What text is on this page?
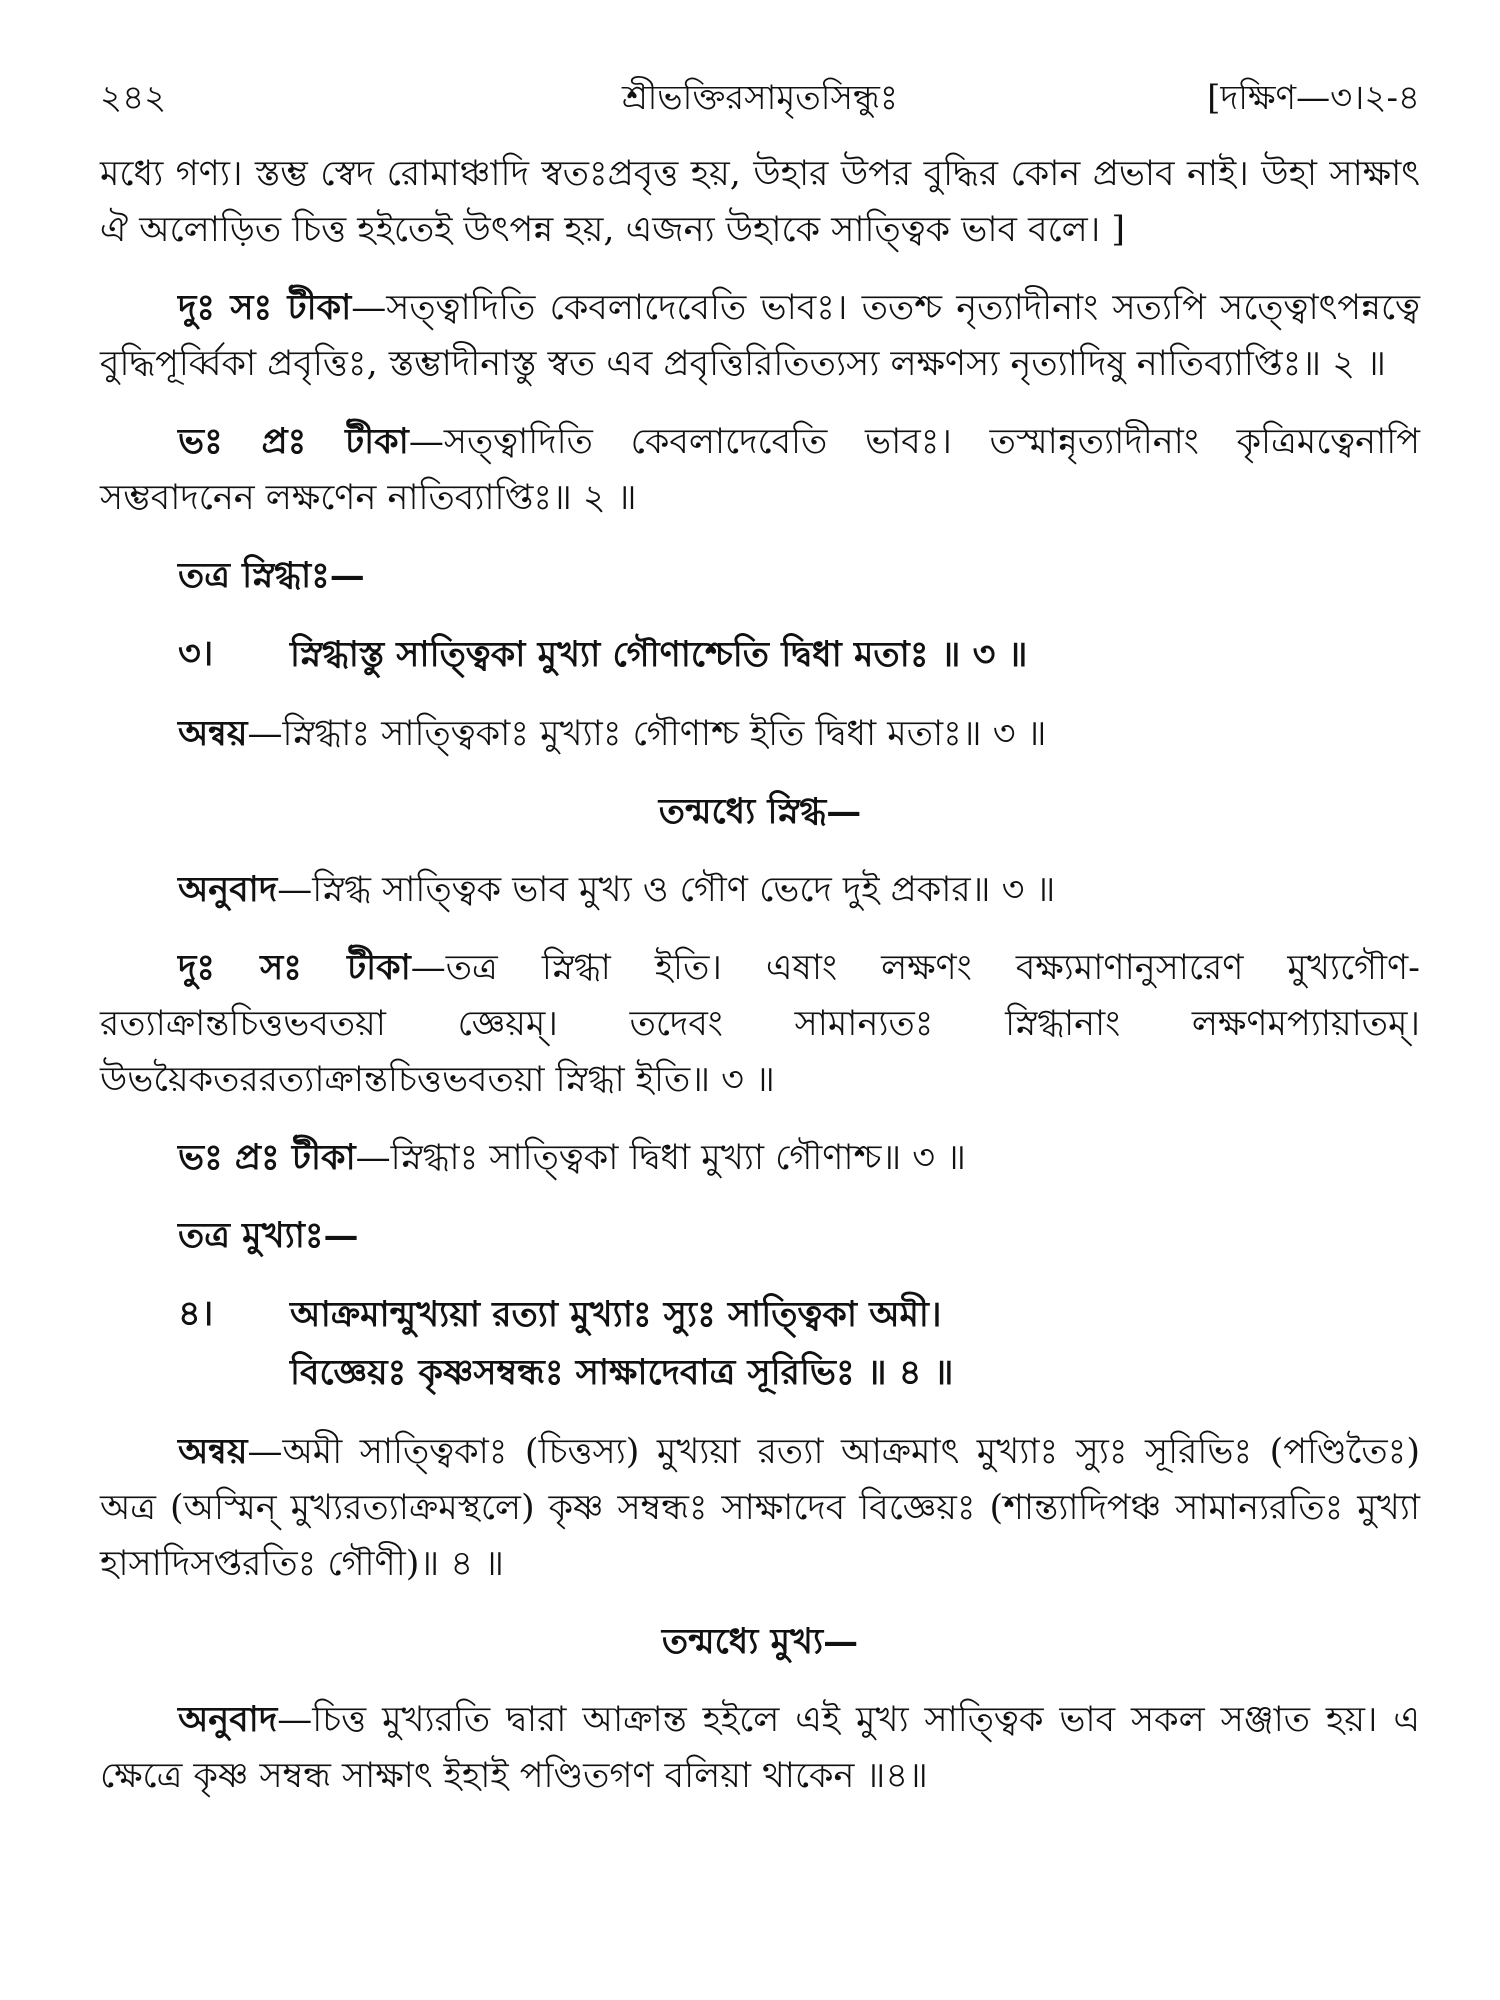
২৪২	শ্রীভক্তিরসামৃতসিন্ধুঃ	[দক্ষিণ—৩।২-৪

মধ্যে গণ্য। স্তম্ভ স্বেদ রোমাঞ্চাদি স্বতঃপ্রবৃত্ত হয়, উহার উপর বুদ্ধির কোন প্রভাব নাই। উহা সাক্ষাৎ ঐ অলোড়িত চিত্ত হইতেই উৎপন্ন হয়, এজন্য উহাকে সাত্ত্বিক ভাব বলে। ]

দুঃ সঃ টীকা—সত্ত্বাদিতি কেবলাদেবেতি ভাবঃ। ততশ্চ নৃত্যাদীনাং সত্যপি সত্ত্বোৎপন্নত্বে বুদ্ধিপূর্ব্বিকা প্রবৃত্তিঃ, স্তম্ভাদীনাস্তু স্বত এব প্রবৃত্তিরিতিত্যস্য লক্ষণস্য নৃত্যাদিষু নাতিব্যাপ্তিঃ॥ ২ ॥

ভঃ প্রঃ টীকা—সত্ত্বাদিতি কেবলাদেবেতি ভাবঃ। তস্মান্নৃত্যাদীনাং কৃত্রিমত্বেনাপি সম্ভবাদনেন লক্ষণেন নাতিব্যাপ্তিঃ॥ ২ ॥

তত্র স্নিগ্ধাঃ—
৩।	স্নিগ্ধাস্তু সাত্ত্বিকা মুখ্যা গৌণাশ্চেতি দ্বিধা মতাঃ ॥ ৩ ॥

অন্বয়—স্নিগ্ধাঃ সাত্ত্বিকাঃ মুখ্যাঃ গৌণাশ্চ ইতি দ্বিধা মতাঃ॥ ৩ ॥

তন্মধ্যে স্নিগ্ধ—

অনুবাদ—স্নিগ্ধ সাত্ত্বিক ভাব মুখ্য ও গৌণ ভেদে দুই প্রকার॥ ৩ ॥

দুঃ সঃ টীকা—তত্র স্নিগ্ধা ইতি। এষাং লক্ষণং বক্ষ্যমাণানুসারেণ মুখ্যগৌণ-রত্যাক্রান্তচিত্তভবতয়া জ্ঞেয়ম্। তদেবং সামান্যতঃ স্নিগ্ধানাং লক্ষণমপ্যায়াতম্। উভয়ৈকতররত্যাক্রান্তচিত্তভবতয়া স্নিগ্ধা ইতি॥ ৩ ॥

ভঃ প্রঃ টীকা—স্নিগ্ধাঃ সাত্ত্বিকা দ্বিধা মুখ্যা গৌণাশ্চ॥ ৩ ॥

তত্র মুখ্যাঃ—
৪।	আক্রমান্মুখ্যয়া রত্যা মুখ্যাঃ স্যুঃ সাত্ত্বিকা অমী।
বিজ্ঞেয়ঃ কৃষ্ণসম্বন্ধঃ সাক্ষাদেবাত্র সূরিভিঃ ॥ ৪ ॥

অন্বয়—অমী সাত্ত্বিকাঃ (চিত্তস্য) মুখ্যয়া রত্যা আক্রমাৎ মুখ্যাঃ স্যুঃ সূরিভিঃ (পণ্ডিতৈঃ) অত্র (অস্মিন্ মুখ্যরত্যাক্রমস্থলে) কৃষ্ণ সম্বন্ধঃ সাক্ষাদেব বিজ্ঞেয়ঃ (শান্ত্যাদিপঞ্চ সামান্যরতিঃ মুখ্যা হাসাদিসপ্তরতিঃ গৌণী)॥ ৪ ॥

তন্মধ্যে মুখ্য—

অনুবাদ—চিত্ত মুখ্যরতি দ্বারা আক্রান্ত হইলে এই মুখ্য সাত্ত্বিক ভাব সকল সঞ্জাত হয়। এ ক্ষেত্রে কৃষ্ণ সম্বন্ধ সাক্ষাৎ ইহাই পণ্ডিতগণ বলিয়া থাকেন ॥৪॥
